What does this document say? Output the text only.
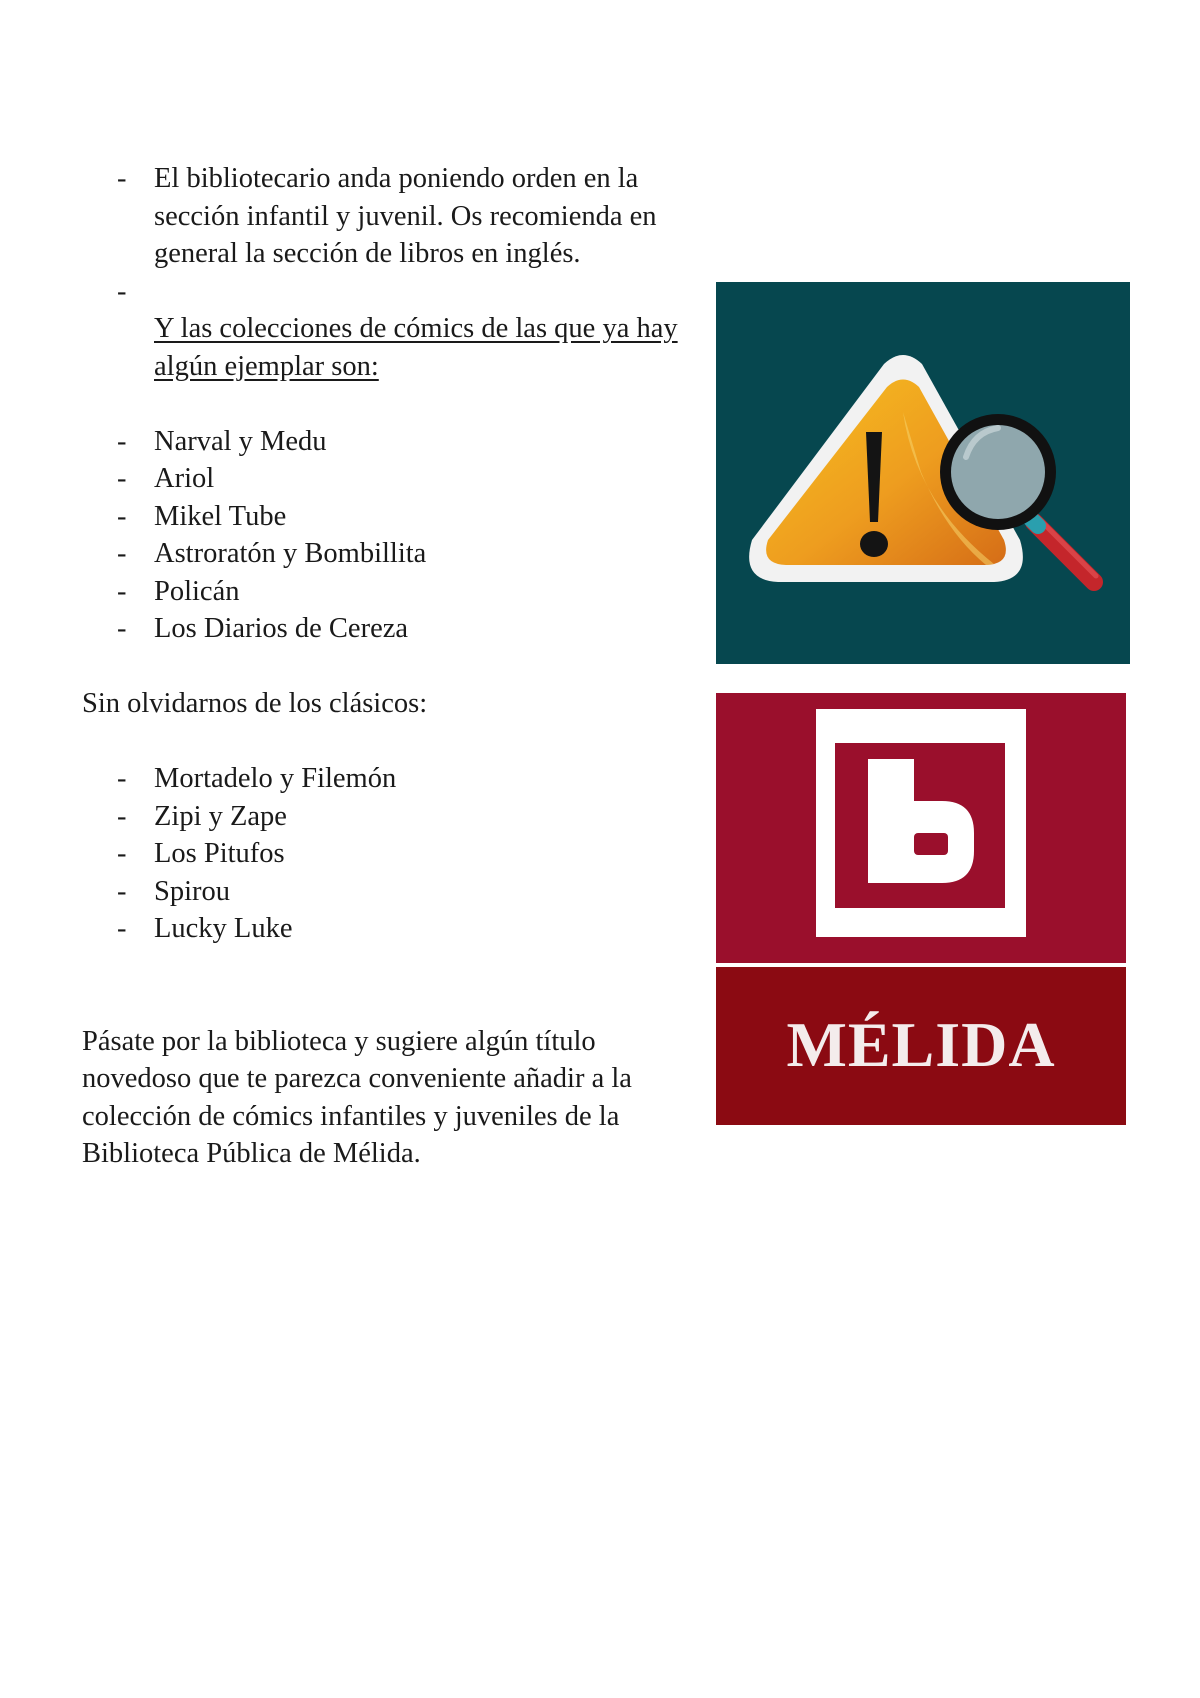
- El bibliotecario anda poniendo orden en la sección infantil y juvenil. Os recomienda en general la sección de libros en inglés.
-
Y las colecciones de cómics de las que ya hay algún ejemplar son:
- Narval y Medu
- Ariol
- Mikel Tube
- Astroratón y Bombillita
- Policán
- Los Diarios de Cereza

Sin olvidarnos de los clásicos:

- Mortadelo y Filemón
- Zipi y Zape
- Los Pitufos
- Spirou
- Lucky Luke

Pásate por la biblioteca y sugiere algún título novedoso que te parezca conveniente añadir a la colección de cómics infantiles y juveniles de la Biblioteca Pública de Mélida.

MÉLIDA
